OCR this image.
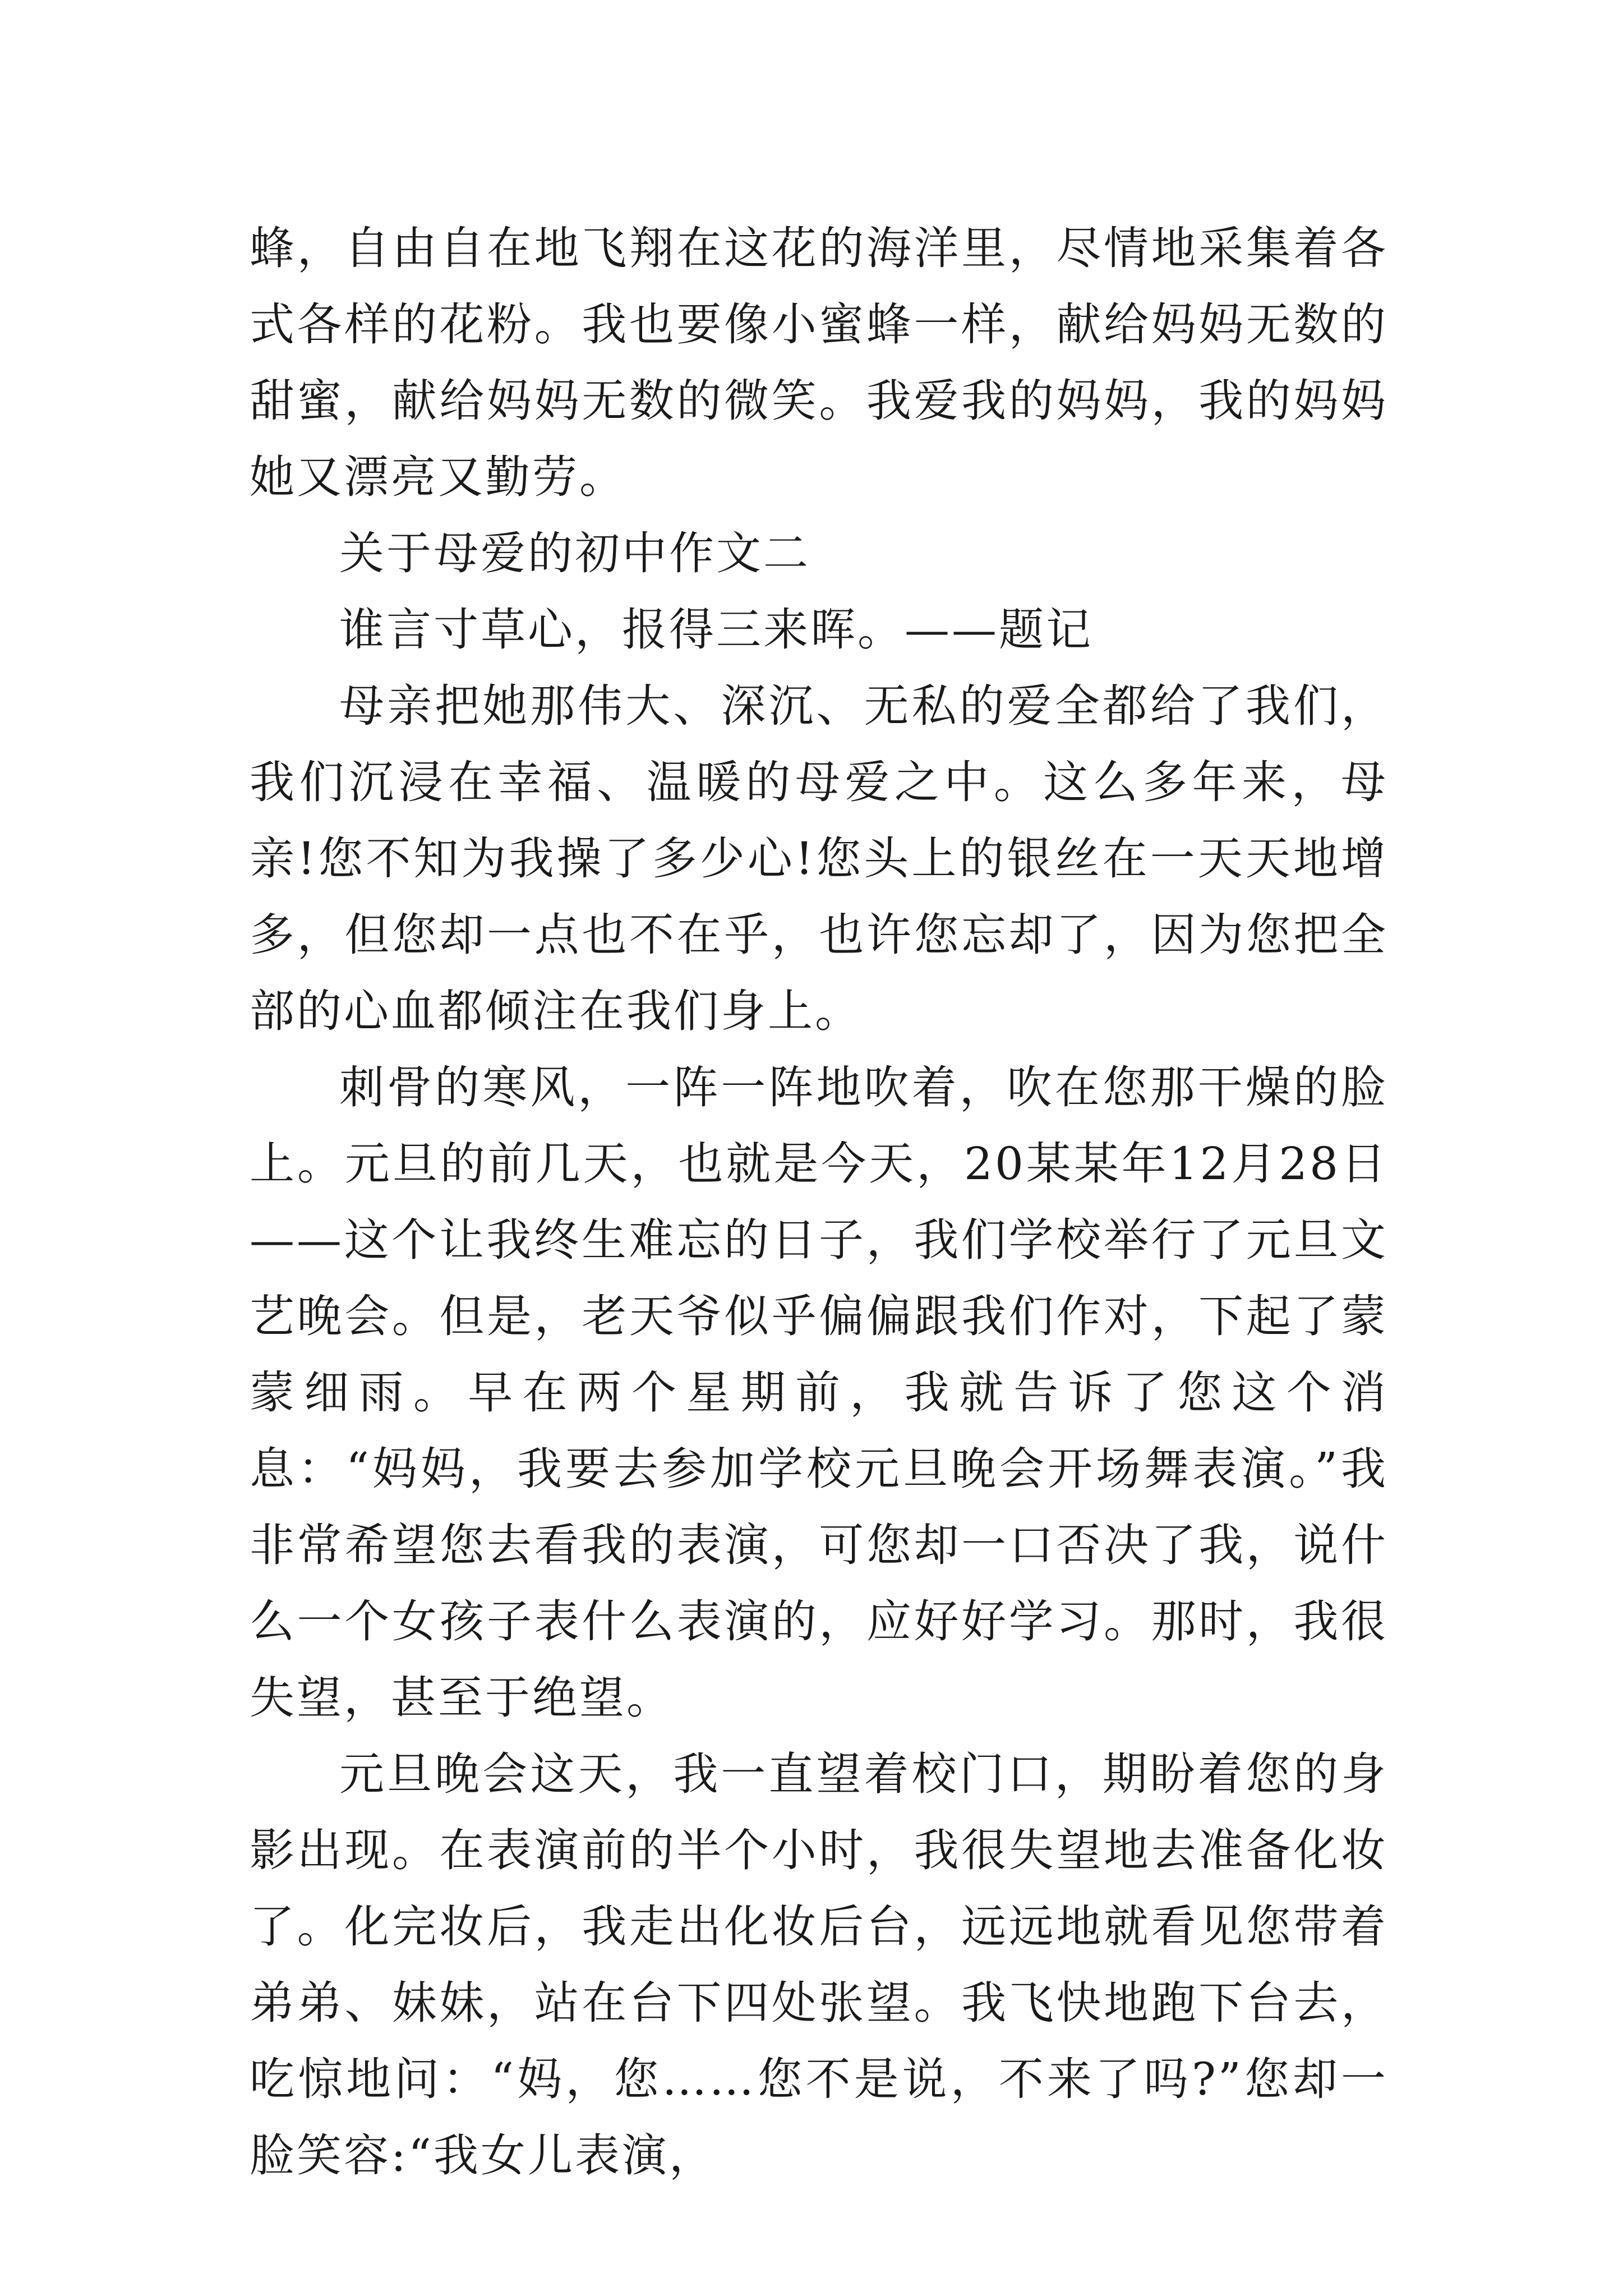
蜂，自由自在地飞翔在这花的海洋里，尽情地采集着各式各样的花粉。我也要像小蜜蜂一样，献给妈妈无数的甜蜜，献给妈妈无数的微笑。我爱我的妈妈，我的妈妈她又漂亮又勤劳。

关于母爱的初中作文二

谁言寸草心，报得三来晖。——题记

母亲把她那伟大、深沉、无私的爱全都给了我们，我们沉浸在幸福、温暖的母爱之中。这么多年来，母亲!您不知为我操了多少心!您头上的银丝在一天天地增多，但您却一点也不在乎，也许您忘却了，因为您把全部的心血都倾注在我们身上。

刺骨的寒风，一阵一阵地吹着，吹在您那干燥的脸上。元旦的前几天，也就是今天，20某某年12月28日——这个让我终生难忘的日子，我们学校举行了元旦文艺晚会。但是，老天爷似乎偏偏跟我们作对，下起了蒙蒙细雨。早在两个星期前，我就告诉了您这个消息：“妈妈，我要去参加学校元旦晚会开场舞表演。”我非常希望您去看我的表演，可您却一口否决了我，说什么一个女孩子表什么表演的，应好好学习。那时，我很失望，甚至于绝望。

元旦晚会这天，我一直望着校门口，期盼着您的身影出现。在表演前的半个小时，我很失望地去准备化妆了。化完妆后，我走出化妆后台，远远地就看见您带着弟弟、妹妹，站在台下四处张望。我飞快地跑下台去，吃惊地问：“妈，您……您不是说，不来了吗?”您却一脸笑容:“我女儿表演，
